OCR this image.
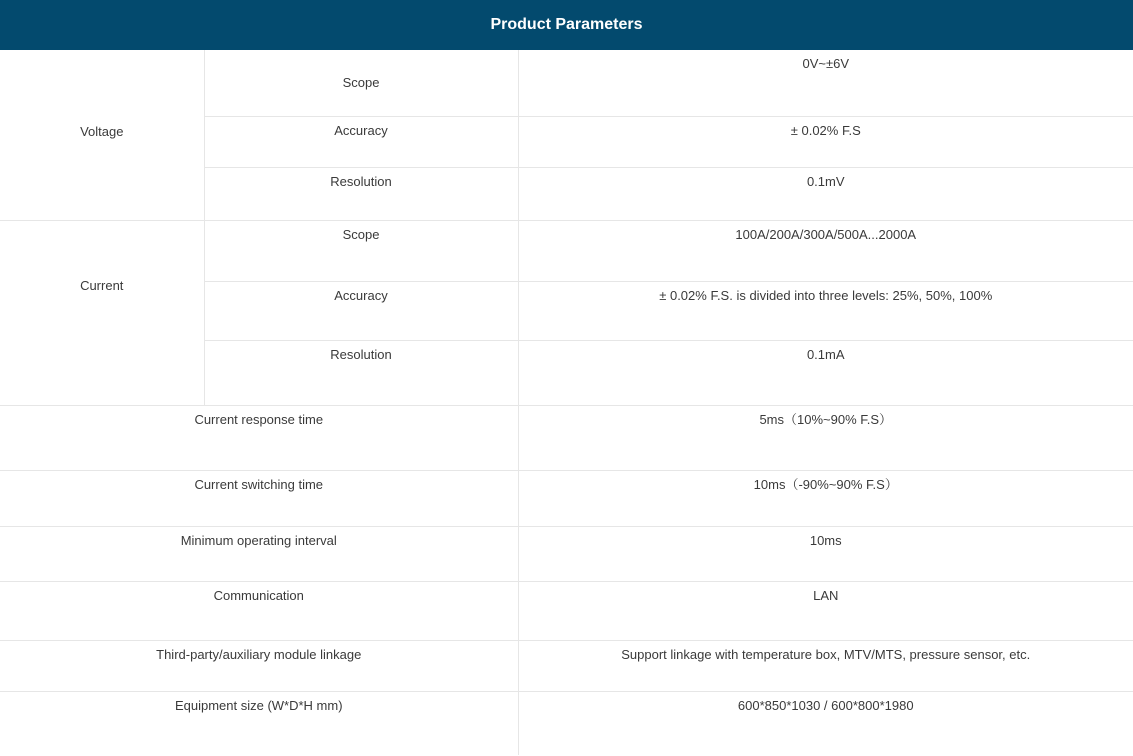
Product Parameters
Voltage	Scope	0V~±6V

	Accuracy	± 0.02% F.S

	Resolution	0.1mV

Current	Scope	100A/200A/300A/500A...2000A

	Accuracy	± 0.02% F.S. is divided into three levels: 25%, 50%, 100%

	Resolution	0.1mA

Current response time		5ms（10%~90% F.S）

Current switching time		10ms（-90%~90% F.S）

Minimum operating interval		10ms

Communication		LAN

Third-party/auxiliary module linkage		Support linkage with temperature box, MTV/MTS, pressure sensor, etc.

Equipment size (W*D*H mm)		600*850*1030 / 600*800*1980
